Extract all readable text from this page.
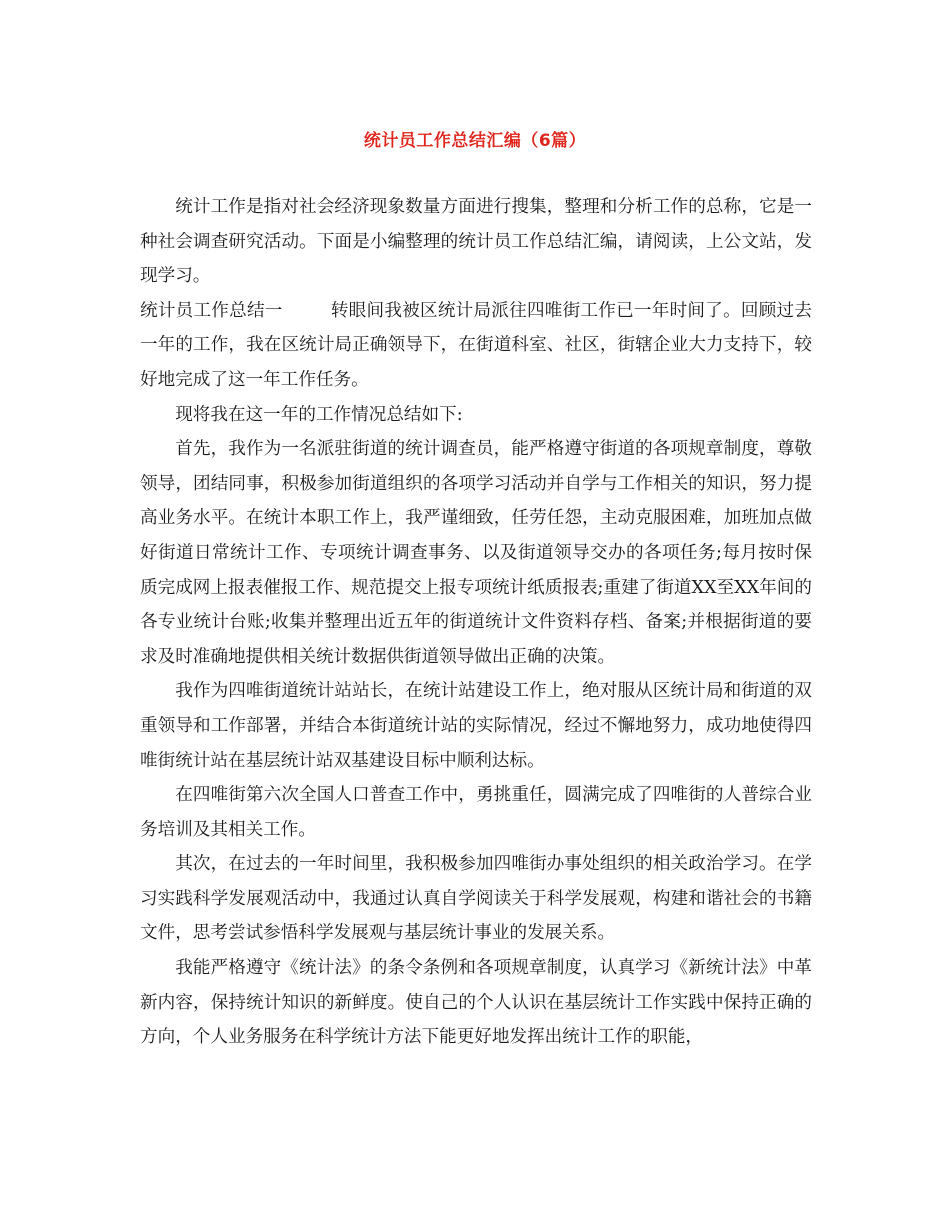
统计员工作总结汇编（6篇）

统计工作是指对社会经济现象数量方面进行搜集，整理和分析工作的总称，它是一种社会调查研究活动。下面是小编整理的统计员工作总结汇编，请阅读，上公文站，发现学习。

统计员工作总结一	转眼间我被区统计局派往四唯街工作已一年时间了。回顾过去一年的工作，我在区统计局正确领导下，在街道科室、社区，街辖企业大力支持下，较好地完成了这一年工作任务。

现将我在这一年的工作情况总结如下:

首先，我作为一名派驻街道的统计调查员，能严格遵守街道的各项规章制度，尊敬领导，团结同事，积极参加街道组织的各项学习活动并自学与工作相关的知识，努力提高业务水平。在统计本职工作上，我严谨细致，任劳任怨，主动克服困难，加班加点做好街道日常统计工作、专项统计调查事务、以及街道领导交办的各项任务;每月按时保质完成网上报表催报工作、规范提交上报专项统计纸质报表;重建了街道XX至XX年间的各专业统计台账;收集并整理出近五年的街道统计文件资料存档、备案;并根据街道的要求及时准确地提供相关统计数据供街道领导做出正确的决策。

我作为四唯街道统计站站长，在统计站建设工作上，绝对服从区统计局和街道的双重领导和工作部署，并结合本街道统计站的实际情况，经过不懈地努力，成功地使得四唯街统计站在基层统计站双基建设目标中顺利达标。

在四唯街第六次全国人口普查工作中，勇挑重任，圆满完成了四唯街的人普综合业务培训及其相关工作。

其次，在过去的一年时间里，我积极参加四唯街办事处组织的相关政治学习。在学习实践科学发展观活动中，我通过认真自学阅读关于科学发展观，构建和谐社会的书籍文件，思考尝试参悟科学发展观与基层统计事业的发展关系。

我能严格遵守《统计法》的条令条例和各项规章制度，认真学习《新统计法》中革新内容，保持统计知识的新鲜度。使自己的个人认识在基层统计工作实践中保持正确的方向，个人业务服务在科学统计方法下能更好地发挥出统计工作的职能，
